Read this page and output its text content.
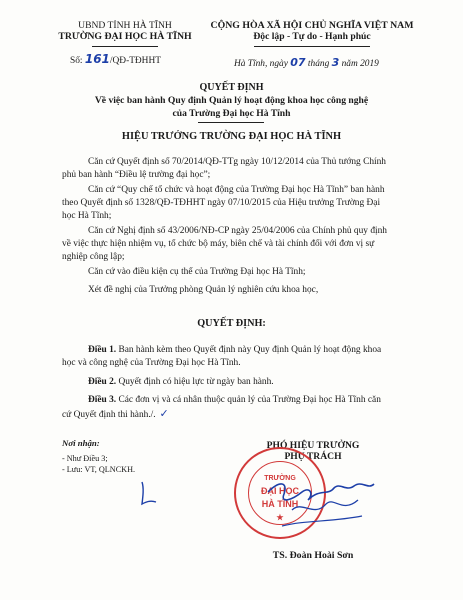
UBND TỈNH HÀ TĨNH
TRƯỜNG ĐẠI HỌC HÀ TĨNH
Số: 161/QĐ-TĐHHT
CỘNG HÒA XÃ HỘI CHỦ NGHĨA VIỆT NAM
Độc lập - Tự do - Hạnh phúc
Hà Tĩnh, ngày 07 tháng 3 năm 2019
QUYẾT ĐỊNH
Về việc ban hành Quy định Quản lý hoạt động khoa học công nghệ
của Trường Đại học Hà Tĩnh
HIỆU TRƯỞNG TRƯỜNG ĐẠI HỌC HÀ TĨNH
Căn cứ Quyết định số 70/2014/QĐ-TTg ngày 10/12/2014 của Thủ tướng Chính
phủ ban hành “Điều lệ trường đại học”;
Căn cứ “Quy chế tổ chức và hoạt động của Trường Đại học Hà Tĩnh” ban hành
theo Quyết định số 1328/QĐ-TĐHHT ngày 07/10/2015 của Hiệu trưởng Trường Đại
học Hà Tĩnh;
Căn cứ Nghị định số 43/2006/NĐ-CP ngày 25/04/2006 của Chính phủ quy định
về việc thực hiện nhiệm vụ, tổ chức bộ máy, biên chế và tài chính đối với đơn vị sự
nghiệp công lập;
Căn cứ vào điều kiện cụ thể của Trường Đại học Hà Tĩnh;
Xét đề nghị của Trưởng phòng Quản lý nghiên cứu khoa học,
QUYẾT ĐỊNH:
Điều 1. Ban hành kèm theo Quyết định này Quy định Quản lý hoạt động khoa
học và công nghệ của Trường Đại học Hà Tĩnh.
Điều 2. Quyết định có hiệu lực từ ngày ban hành.
Điều 3. Các đơn vị và cá nhân thuộc quản lý của Trường Đại học Hà Tĩnh căn
cứ Quyết định thi hành./. ✓
Nơi nhận:
- Như Điều 3;
- Lưu: VT, QLNCKH.
PHÓ HIỆU TRƯỞNG
PHỤ TRÁCH
TRƯỜNG
ĐẠI HỌC
HÀ TĨNH
★
TS. Đoàn Hoài Sơn
